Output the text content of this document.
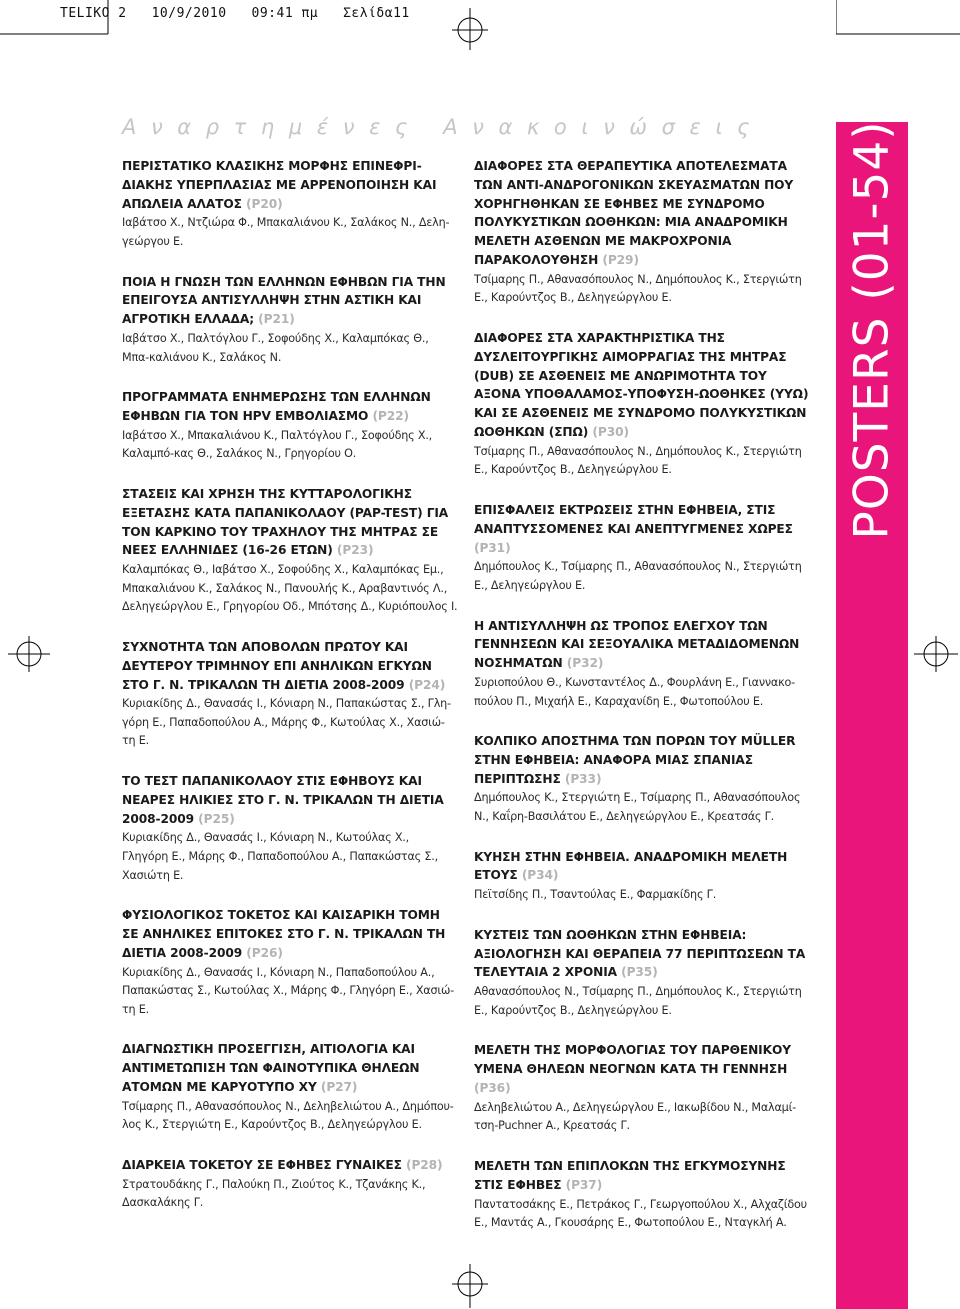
TELIKO 2   10/9/2010   09:41 πμ   Σελίδα11
Αναρτημένες Ανακοινώσεις
ΠΕΡΙΣΤΑΤΙΚΟ ΚΛΑΣΙΚΗΣ ΜΟΡΦΗΣ ΕΠΙΝΕΦΡΙ-ΔΙΑΚΗΣ ΥΠΕΡΠΛΑΣΙΑΣ ΜΕ ΑΡΡΕΝΟΠΟΙΗΣΗ ΚΑΙ ΑΠΩΛΕΙΑ ΑΛΑΤΟΣ (P20)
Ιαβάτσο Χ., Ντζιώρα Φ., Μπακαλιάνου Κ., Σαλάκος Ν., Δελη-γεώργου Ε.
ΠΟΙΑ Η ΓΝΩΣΗ ΤΩΝ ΕΛΛΗΝΩΝ ΕΦΗΒΩΝ ΓΙΑ ΤΗΝ ΕΠΕΙΓΟΥΣΑ ΑΝΤΙΣΥΛΛΗΨΗ ΣΤΗΝ ΑΣΤΙΚΗ ΚΑΙ ΑΓΡΟΤΙΚΗ ΕΛΛΑΔΑ; (P21)
Ιαβάτσο Χ., Παλτόγλου Γ., Σοφούδης Χ., Καλαμπόκας Θ., Μπα-καλιάνου Κ., Σαλάκος Ν.
ΠΡΟΓΡΑΜΜΑΤΑ ΕΝΗΜΕΡΩΣΗΣ ΤΩΝ ΕΛΛΗΝΩΝ ΕΦΗΒΩΝ ΓΙΑ ΤΟΝ HPV ΕΜΒΟΛΙΑΣΜΟ (P22)
Ιαβάτσο Χ., Μπακαλιάνου Κ., Παλτόγλου Γ., Σοφούδης Χ., Καλαμπό-κας Θ., Σαλάκος Ν., Γρηγορίου Ο.
ΣΤΑΣΕΙΣ ΚΑΙ ΧΡΗΣΗ ΤΗΣ ΚΥΤΤΑΡΟΛΟΓΙΚΗΣ ΕΞΕΤΑΣΗΣ ΚΑΤΑ ΠΑΠΑΝΙΚΟΛΑΟΥ (PAP-TEST) ΓΙΑ ΤΟΝ ΚΑΡΚΙΝΟ ΤΟΥ ΤΡΑΧΗΛΟΥ ΤΗΣ ΜΗΤΡΑΣ ΣΕ ΝΕΕΣ ΕΛΛΗΝΙΔΕΣ (16-26 ΕΤΩΝ) (P23)
Καλαμπόκας Θ., Ιαβάτσο Χ., Σοφούδης Χ., Καλαμπόκας Εμ., Μπακαλιάνου Κ., Σαλάκος Ν., Πανουλής Κ., Αραβαντινός Λ., Δεληγεώργλου Ε., Γρηγορίου Οδ., Μπότσης Δ., Κυριόπουλος Ι.
ΣΥΧΝΟΤΗΤΑ ΤΩΝ ΑΠΟΒΟΛΩΝ ΠΡΩΤΟΥ ΚΑΙ ΔΕΥΤΕΡΟΥ ΤΡΙΜΗΝΟΥ ΕΠΙ ΑΝΗΛΙΚΩΝ ΕΓΚΥΩΝ ΣΤΟ Γ. Ν. ΤΡΙΚΑΛΩΝ ΤΗ ΔΙΕΤΙΑ 2008-2009 (P24)
Κυριακίδης Δ., Θανασάς Ι., Κόνιαρη Ν., Παπακώστας Σ., Γλη-γόρη Ε., Παπαδοπούλου Α., Μάρης Φ., Κωτούλας Χ., Χασιώ-τη Ε.
ΤΟ ΤΕΣΤ ΠΑΠΑΝΙΚΟΛΑΟΥ ΣΤΙΣ ΕΦΗΒΟΥΣ ΚΑΙ ΝΕΑΡΕΣ ΗΛΙΚΙΕΣ ΣΤΟ Γ. Ν. ΤΡΙΚΑΛΩΝ ΤΗ ΔΙΕΤΙΑ 2008-2009 (P25)
Κυριακίδης Δ., Θανασάς Ι., Κόνιαρη Ν., Κωτούλας Χ., Γληγόρη Ε., Μάρης Φ., Παπαδοπούλου Α., Παπακώστας Σ., Χασιώτη Ε.
ΦΥΣΙΟΛΟΓΙΚΟΣ ΤΟΚΕΤΟΣ ΚΑΙ ΚΑΙΣΑΡΙΚΗ ΤΟΜΗ ΣΕ ΑΝΗΛΙΚΕΣ ΕΠΙΤΟΚΕΣ ΣΤΟ Γ. Ν. ΤΡΙΚΑΛΩΝ ΤΗ ΔΙΕΤΙΑ 2008-2009 (P26)
Κυριακίδης Δ., Θανασάς Ι., Κόνιαρη Ν., Παπαδοπούλου Α., Παπακώστας Σ., Κωτούλας Χ., Μάρης Φ., Γληγόρη Ε., Χασιώ-τη Ε.
ΔΙΑΓΝΩΣΤΙΚΗ ΠΡΟΣΕΓΓΙΣΗ, ΑΙΤΙΟΛΟΓΙΑ ΚΑΙ ΑΝΤΙΜΕΤΩΠΙΣΗ ΤΩΝ ΦΑΙΝΟΤΥΠΙΚΑ ΘΗΛΕΩΝ ΑΤΟΜΩΝ ΜΕ ΚΑΡΥΟΤΥΠΟ ΧΥ (P27)
Τσίμαρης Π., Αθανασόπουλος Ν., Δεληβελιώτου Α., Δημόπου-λος Κ., Στεργιώτη Ε., Καρούντζος Β., Δεληγεώργλου Ε.
ΔΙΑΡΚΕΙΑ ΤΟΚΕΤΟΥ ΣΕ ΕΦΗΒΕΣ ΓΥΝΑΙΚΕΣ (P28)
Στρατουδάκης Γ., Παλούκη Π., Ζιούτος Κ., Τζανάκης Κ., Δασκαλάκης Γ.
ΔΙΑΦΟΡΕΣ ΣΤΑ ΘΕΡΑΠΕΥΤΙΚΑ ΑΠΟΤΕΛΕΣΜΑΤΑ ΤΩΝ ΑΝΤΙ-ΑΝΔΡΟΓΟΝΙΚΩΝ ΣΚΕΥΑΣΜΑΤΩΝ ΠΟΥ ΧΟΡΗΓΗΘΗΚΑΝ ΣΕ ΕΦΗΒΕΣ ΜΕ ΣΥΝΔΡΟΜΟ ΠΟΛΥΚΥΣΤΙΚΩΝ ΩΟΘΗΚΩΝ: ΜΙΑ ΑΝΑΔΡΟΜΙΚΗ ΜΕΛΕΤΗ ΑΣΘΕΝΩΝ ΜΕ ΜΑΚΡΟΧΡΟΝΙΑ ΠΑΡΑΚΟΛΟΥΘΗΣΗ (P29)
Τσίμαρης Π., Αθανασόπουλος Ν., Δημόπουλος Κ., Στεργιώτη Ε., Καρούντζος Β., Δεληγεώργλου Ε.
ΔΙΑΦΟΡΕΣ ΣΤΑ ΧΑΡΑΚΤΗΡΙΣΤΙΚΑ ΤΗΣ ΔΥΣΛΕΙΤΟΥΡΓΙΚΗΣ ΑΙΜΟΡΡΑΓΙΑΣ ΤΗΣ ΜΗΤΡΑΣ (DUB) ΣΕ ΑΣΘΕΝΕΙΣ ΜΕ ΑΝΩΡΙΜΟΤΗΤΑ ΤΟΥ ΑΞΟΝΑ ΥΠΟΘΑΛΑΜΟΣ-ΥΠΟΦΥΣΗ-ΩΟΘΗΚΕΣ (ΥΥΩ) ΚΑΙ ΣΕ ΑΣΘΕΝΕΙΣ ΜΕ ΣΥΝΔΡΟΜΟ ΠΟΛΥΚΥΣΤΙΚΩΝ ΩΟΘΗΚΩΝ (ΣΠΩ) (P30)
Τσίμαρης Π., Αθανασόπουλος Ν., Δημόπουλος Κ., Στεργιώτη Ε., Καρούντζος Β., Δεληγεώργλου Ε.
ΕΠΙΣΦΑΛΕΙΣ ΕΚΤΡΩΣΕΙΣ ΣΤΗΝ ΕΦΗΒΕΙΑ, ΣΤΙΣ ΑΝΑΠΤΥΣΣΟΜΕΝΕΣ ΚΑΙ ΑΝΕΠΤΥΓΜΕΝΕΣ ΧΩΡΕΣ (P31)
Δημόπουλος Κ., Τσίμαρης Π., Αθανασόπουλος Ν., Στεργιώτη Ε., Δεληγεώργλου Ε.
Η ΑΝΤΙΣΥΛΛΗΨΗ ΩΣ ΤΡΟΠΟΣ ΕΛΕΓΧΟΥ ΤΩΝ ΓΕΝΝΗΣΕΩΝ ΚΑΙ ΣΕΞΟΥΑΛΙΚΑ ΜΕΤΑΔΙΔΟΜΕΝΩΝ ΝΟΣΗΜΑΤΩΝ (P32)
Συριοπούλου Θ., Κωνσταντέλος Δ., Φουρλάνη Ε., Γιαννακο-πούλου Π., Μιχαήλ Ε., Καραχανίδη Ε., Φωτοπούλου Ε.
ΚΟΛΠΙΚΟ ΑΠΟΣΤΗΜΑ ΤΩΝ ΠΟΡΩΝ ΤΟΥ MÜLLER ΣΤΗΝ ΕΦΗΒΕΙΑ: ΑΝΑΦΟΡΑ ΜΙΑΣ ΣΠΑΝΙΑΣ ΠΕΡΙΠΤΩΣΗΣ (P33)
Δημόπουλος Κ., Στεργιώτη Ε., Τσίμαρης Π., Αθανασόπουλος Ν., Καΐρη-Βασιλάτου Ε., Δεληγεώργλου Ε., Κρεατσάς Γ.
ΚΥΗΣΗ ΣΤΗΝ ΕΦΗΒΕΙΑ. ΑΝΑΔΡΟΜΙΚΗ ΜΕΛΕΤΗ ΕΤΟΥΣ (P34)
Πεϊτσίδης Π., Τσαντούλας Ε., Φαρμακίδης Γ.
ΚΥΣΤΕΙΣ ΤΩΝ ΩΟΘΗΚΩΝ ΣΤΗΝ ΕΦΗΒΕΙΑ: ΑΞΙΟΛΟΓΗΣΗ ΚΑΙ ΘΕΡΑΠΕΙΑ 77 ΠΕΡΙΠΤΩΣΕΩΝ ΤΑ ΤΕΛΕΥΤΑΙΑ 2 ΧΡΟΝΙΑ (P35)
Αθανασόπουλος Ν., Τσίμαρης Π., Δημόπουλος Κ., Στεργιώτη Ε., Καρούντζος Β., Δεληγεώργλου Ε.
ΜΕΛΕΤΗ ΤΗΣ ΜΟΡΦΟΛΟΓΙΑΣ ΤΟΥ ΠΑΡΘΕΝΙΚΟΥ ΥΜΕΝΑ ΘΗΛΕΩΝ ΝΕΟΓΝΩΝ ΚΑΤΑ ΤΗ ΓΕΝΝΗΣΗ (P36)
Δεληβελιώτου Α., Δεληγεώργλου Ε., Ιακωβίδου Ν., Μαλαμί-τση-Puchner Α., Κρεατσάς Γ.
ΜΕΛΕΤΗ ΤΩΝ ΕΠΙΠΛΟΚΩΝ ΤΗΣ ΕΓΚΥΜΟΣΥΝΗΣ ΣΤΙΣ ΕΦΗΒΕΣ (P37)
Παντατοσάκης Ε., Πετράκος Γ., Γεωργοπούλου Χ., Αλχαζίδου Ε., Μαντάς Α., Γκουσάρης Ε., Φωτοπούλου Ε., Νταγκλή Α.
POSTERS (01-54)
